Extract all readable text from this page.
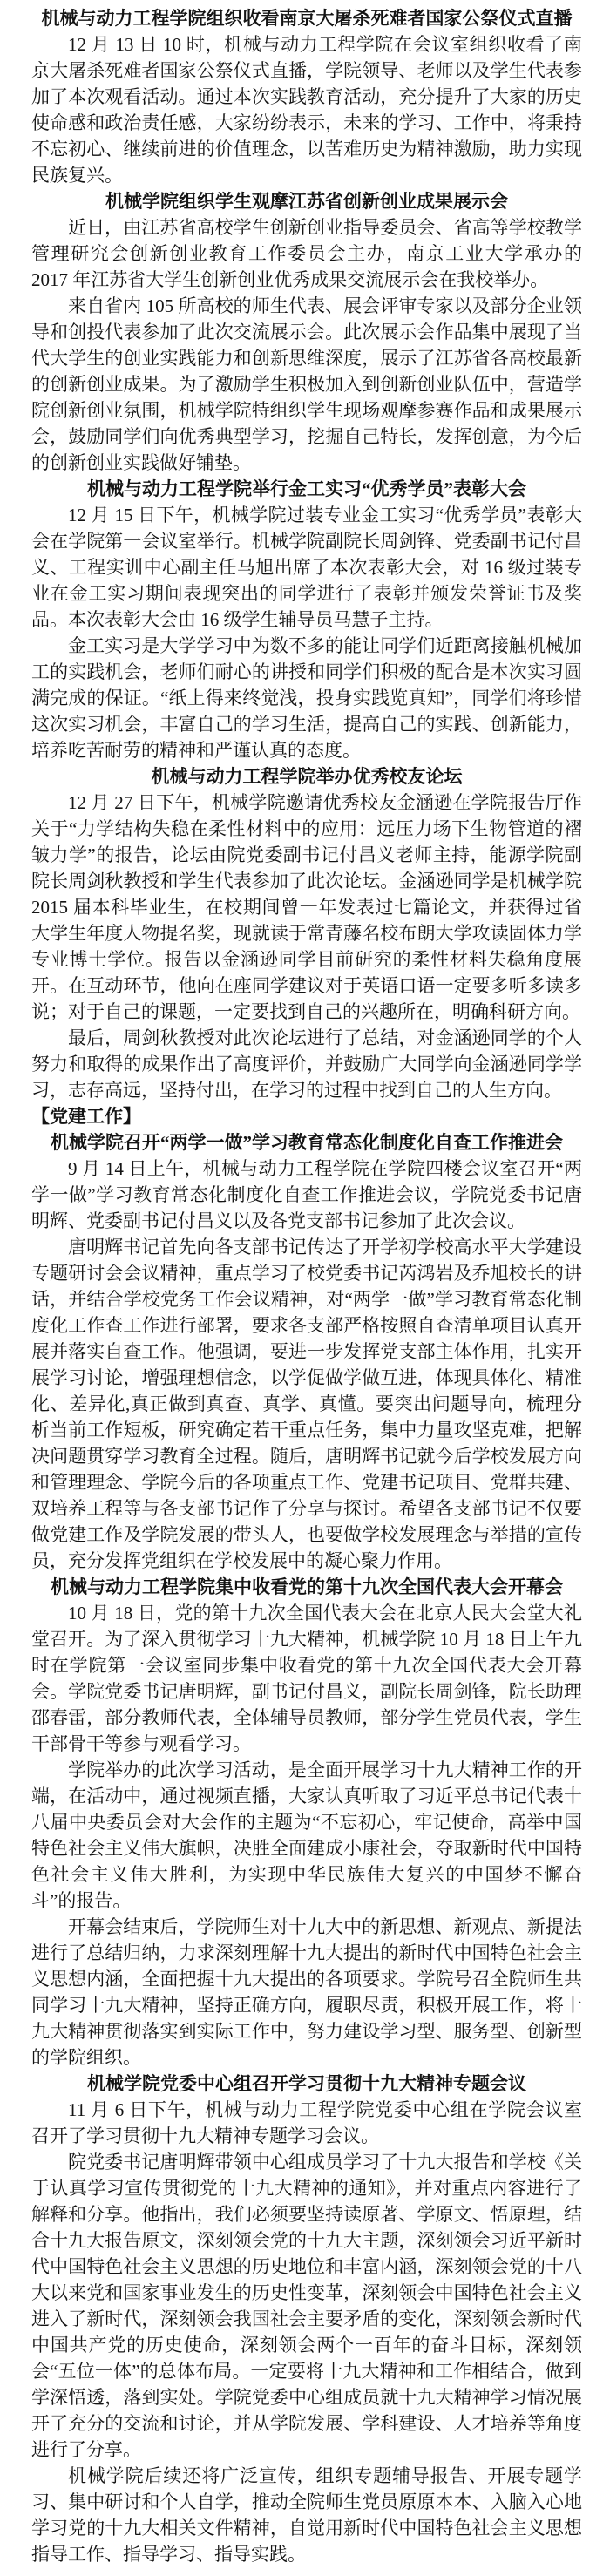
机械与动力工程学院组织收看南京大屠杀死难者国家公祭仪式直播

12 月 13 日 10 时，机械与动力工程学院在会议室组织收看了南京大屠杀死难者国家公祭仪式直播，学院领导、老师以及学生代表参加了本次观看活动。通过本次实践教育活动，充分提升了大家的历史使命感和政治责任感，大家纷纷表示，未来的学习、工作中，将秉持不忘初心、继续前进的价值理念，以苦难历史为精神激励，助力实现民族复兴。

机械学院组织学生观摩江苏省创新创业成果展示会

近日，由江苏省高校学生创新创业指导委员会、省高等学校教学管理研究会创新创业教育工作委员会主办，南京工业大学承办的 2017 年江苏省大学生创新创业优秀成果交流展示会在我校举办。

来自省内 105 所高校的师生代表、展会评审专家以及部分企业领导和创投代表参加了此次交流展示会。此次展示会作品集中展现了当代大学生的创业实践能力和创新思维深度，展示了江苏省各高校最新的创新创业成果。为了激励学生积极加入到创新创业队伍中，营造学院创新创业氛围，机械学院特组织学生现场观摩参赛作品和成果展示会，鼓励同学们向优秀典型学习，挖掘自己特长，发挥创意，为今后的创新创业实践做好铺垫。

机械与动力工程学院举行金工实习“优秀学员”表彰大会

12 月 15 日下午，机械学院过装专业金工实习“优秀学员”表彰大会在学院第一会议室举行。机械学院副院长周剑锋、党委副书记付昌义、工程实训中心副主任马旭出席了本次表彰大会，对 16 级过装专业在金工实习期间表现突出的同学进行了表彰并颁发荣誉证书及奖品。本次表彰大会由 16 级学生辅导员马慧子主持。

金工实习是大学学习中为数不多的能让同学们近距离接触机械加工的实践机会，老师们耐心的讲授和同学们积极的配合是本次实习圆满完成的保证。“纸上得来终觉浅，投身实践览真知”，同学们将珍惜这次实习机会，丰富自己的学习生活，提高自己的实践、创新能力，培养吃苦耐劳的精神和严谨认真的态度。

机械与动力工程学院举办优秀校友论坛

12 月 27 日下午，机械学院邀请优秀校友金涵逊在学院报告厅作关于“力学结构失稳在柔性材料中的应用：远压力场下生物管道的褶皱力学”的报告，论坛由院党委副书记付昌义老师主持，能源学院副院长周剑秋教授和学生代表参加了此次论坛。金涵逊同学是机械学院 2015 届本科毕业生，在校期间曾一年发表过七篇论文，并获得过省大学生年度人物提名奖，现就读于常青藤名校布朗大学攻读固体力学专业博士学位。报告以金涵逊同学目前研究的柔性材料失稳角度展开。在互动环节，他向在座同学建议对于英语口语一定要多听多读多说；对于自己的课题，一定要找到自己的兴趣所在，明确科研方向。

最后，周剑秋教授对此次论坛进行了总结，对金涵逊同学的个人努力和取得的成果作出了高度评价，并鼓励广大同学向金涵逊同学学习，志存高远，坚持付出，在学习的过程中找到自己的人生方向。

【党建工作】

机械学院召开“两学一做”学习教育常态化制度化自查工作推进会

9 月 14 日上午，机械与动力工程学院在学院四楼会议室召开“两学一做”学习教育常态化制度化自查工作推进会议，学院党委书记唐明辉、党委副书记付昌义以及各党支部书记参加了此次会议。

唐明辉书记首先向各支部书记传达了开学初学校高水平大学建设专题研讨会会议精神，重点学习了校党委书记芮鸿岩及乔旭校长的讲话，并结合学校党务工作会议精神，对“两学一做”学习教育常态化制度化工作查工作进行部署，要求各支部严格按照自查清单项目认真开展并落实自查工作。他强调，要进一步发挥党支部主体作用，扎实开展学习讨论，增强理想信念，以学促做学做互进，体现具体化、精准化、差异化,真正做到真查、真学、真懂。要突出问题导向，梳理分析当前工作短板，研究确定若干重点任务，集中力量攻坚克难，把解决问题贯穿学习教育全过程。随后，唐明辉书记就今后学校发展方向和管理理念、学院今后的各项重点工作、党建书记项目、党群共建、双培养工程等与各支部书记作了分享与探讨。希望各支部书记不仅要做党建工作及学院发展的带头人，也要做学校发展理念与举措的宣传员，充分发挥党组织在学校发展中的凝心聚力作用。

机械与动力工程学院集中收看党的第十九次全国代表大会开幕会

10 月 18 日，党的第十九次全国代表大会在北京人民大会堂大礼堂召开。为了深入贯彻学习十九大精神，机械学院 10 月 18 日上午九时在学院第一会议室同步集中收看党的第十九次全国代表大会开幕会。学院党委书记唐明辉，副书记付昌义，副院长周剑锋，院长助理邵春雷，部分教师代表，全体辅导员教师，部分学生党员代表，学生干部骨干等参与观看学习。

学院举办的此次学习活动，是全面开展学习十九大精神工作的开端，在活动中，通过视频直播，大家认真听取了习近平总书记代表十八届中央委员会对大会作的主题为“不忘初心，牢记使命，高举中国特色社会主义伟大旗帜，决胜全面建成小康社会，夺取新时代中国特色社会主义伟大胜利，为实现中华民族伟大复兴的中国梦不懈奋斗”的报告。

开幕会结束后，学院师生对十九大中的新思想、新观点、新提法进行了总结归纳，力求深刻理解十九大提出的新时代中国特色社会主义思想内涵，全面把握十九大提出的各项要求。学院号召全院师生共同学习十九大精神，坚持正确方向，履职尽责，积极开展工作，将十九大精神贯彻落实到实际工作中，努力建设学习型、服务型、创新型的学院组织。

机械学院党委中心组召开学习贯彻十九大精神专题会议

11 月 6 日下午，机械与动力工程学院党委中心组在学院会议室召开了学习贯彻十九大精神专题学习会议。

院党委书记唐明辉带领中心组成员学习了十九大报告和学校《关于认真学习宣传贯彻党的十九大精神的通知》，并对重点内容进行了解释和分享。他指出，我们必须要坚持读原著、学原文、悟原理，结合十九大报告原文，深刻领会党的十九大主题，深刻领会习近平新时代中国特色社会主义思想的历史地位和丰富内涵，深刻领会党的十八大以来党和国家事业发生的历史性变革，深刻领会中国特色社会主义进入了新时代，深刻领会我国社会主要矛盾的变化，深刻领会新时代中国共产党的历史使命，深刻领会两个一百年的奋斗目标，深刻领会“五位一体”的总体布局。一定要将十九大精神和工作相结合，做到学深悟透，落到实处。学院党委中心组成员就十九大精神学习情况展开了充分的交流和讨论，并从学院发展、学科建设、人才培养等角度进行了分享。

机械学院后续还将广泛宣传，组织专题辅导报告、开展专题学习、集中研讨和个人自学，推动全院师生党员原原本本、入脑入心地学习党的十九大相关文件精神，自觉用新时代中国特色社会主义思想指导工作、指导学习、指导实践。
